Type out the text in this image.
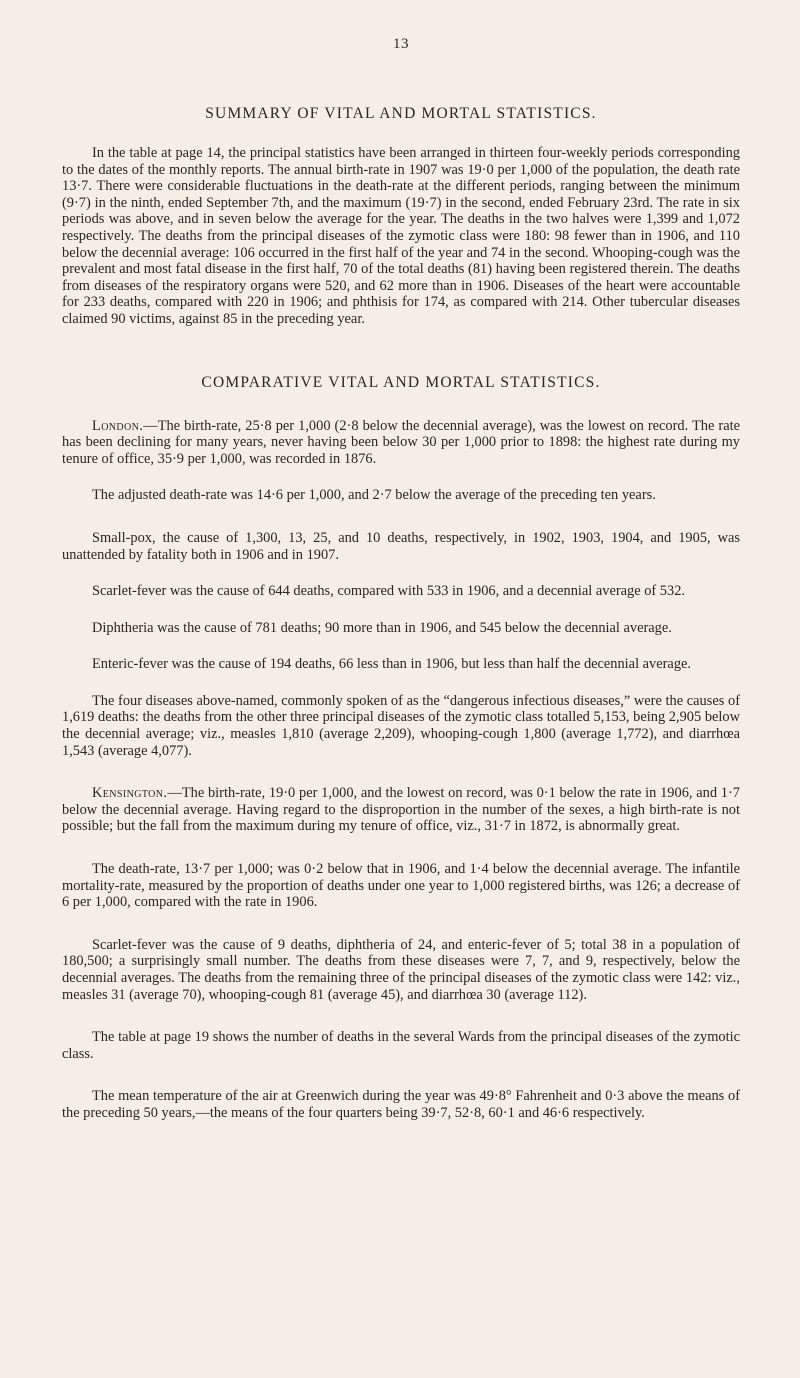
13
SUMMARY OF VITAL AND MORTAL STATISTICS.

In the table at page 14, the principal statistics have been arranged in thirteen four-weekly periods corresponding to the dates of the monthly reports. The annual birth-rate in 1907 was 19·0 per 1,000 of the population, the death rate 13·7. There were considerable fluctuations in the death-rate at the different periods, ranging between the minimum (9·7) in the ninth, ended September 7th, and the maximum (19·7) in the second, ended February 23rd. The rate in six periods was above, and in seven below the average for the year. The deaths in the two halves were 1,399 and 1,072 respectively. The deaths from the principal diseases of the zymotic class were 180: 98 fewer than in 1906, and 110 below the decennial average: 106 occurred in the first half of the year and 74 in the second. Whooping-cough was the prevalent and most fatal disease in the first half, 70 of the total deaths (81) having been registered therein. The deaths from diseases of the respiratory organs were 520, and 62 more than in 1906. Diseases of the heart were accountable for 233 deaths, compared with 220 in 1906; and phthisis for 174, as compared with 214. Other tubercular diseases claimed 90 victims, against 85 in the preceding year.

COMPARATIVE VITAL AND MORTAL STATISTICS.

London.—The birth-rate, 25·8 per 1,000 (2·8 below the decennial average), was the lowest on record. The rate has been declining for many years, never having been below 30 per 1,000 prior to 1898: the highest rate during my tenure of office, 35·9 per 1,000, was recorded in 1876.

The adjusted death-rate was 14·6 per 1,000, and 2·7 below the average of the preceding ten years.

Small-pox, the cause of 1,300, 13, 25, and 10 deaths, respectively, in 1902, 1903, 1904, and 1905, was unattended by fatality both in 1906 and in 1907.

Scarlet-fever was the cause of 644 deaths, compared with 533 in 1906, and a decennial average of 532.

Diphtheria was the cause of 781 deaths; 90 more than in 1906, and 545 below the decennial average.

Enteric-fever was the cause of 194 deaths, 66 less than in 1906, but less than half the decennial average.

The four diseases above-named, commonly spoken of as the “dangerous infectious diseases,” were the causes of 1,619 deaths: the deaths from the other three principal diseases of the zymotic class totalled 5,153, being 2,905 below the decennial average; viz., measles 1,810 (average 2,209), whooping-cough 1,800 (average 1,772), and diarrhœa 1,543 (average 4,077).

Kensington.—The birth-rate, 19·0 per 1,000, and the lowest on record, was 0·1 below the rate in 1906, and 1·7 below the decennial average. Having regard to the disproportion in the number of the sexes, a high birth-rate is not possible; but the fall from the maximum during my tenure of office, viz., 31·7 in 1872, is abnormally great.

The death-rate, 13·7 per 1,000; was 0·2 below that in 1906, and 1·4 below the decennial average. The infantile mortality-rate, measured by the proportion of deaths under one year to 1,000 registered births, was 126; a decrease of 6 per 1,000, compared with the rate in 1906.

Scarlet-fever was the cause of 9 deaths, diphtheria of 24, and enteric-fever of 5; total 38 in a population of 180,500; a surprisingly small number. The deaths from these diseases were 7, 7, and 9, respectively, below the decennial averages. The deaths from the remaining three of the principal diseases of the zymotic class were 142: viz., measles 31 (average 70), whooping-cough 81 (average 45), and diarrhœa 30 (average 112).

The table at page 19 shows the number of deaths in the several Wards from the principal diseases of the zymotic class.

The mean temperature of the air at Greenwich during the year was 49·8° Fahrenheit and 0·3 above the means of the preceding 50 years,—the means of the four quarters being 39·7, 52·8, 60·1 and 46·6 respectively.
